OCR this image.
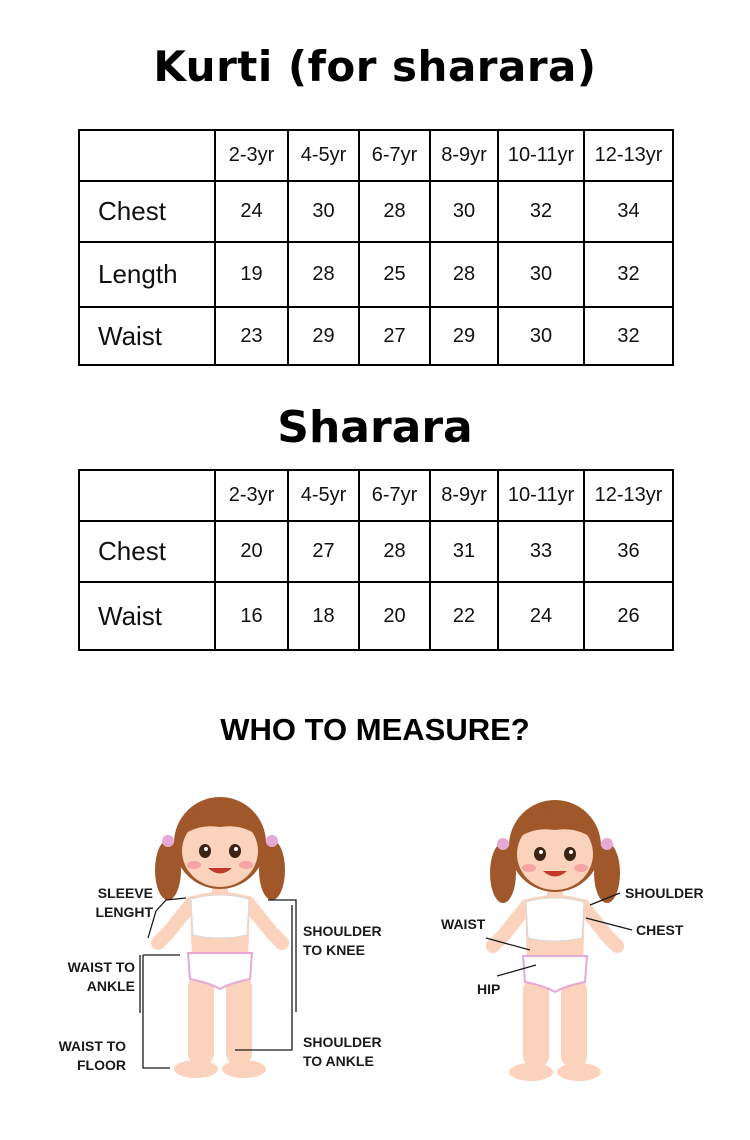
Kurti (for sharara)
	2-3yr	4-5yr	6-7yr	8-9yr	10-11yr	12-13yr
Chest	24	30	28	30	32	34
Length	19	28	25	28	30	32
Waist	23	29	27	29	30	32
Sharara
	2-3yr	4-5yr	6-7yr	8-9yr	10-11yr	12-13yr
Chest	20	27	28	31	33	36
Waist	16	18	20	22	24	26
WHO TO MEASURE?
SLEEVE
LENGHT
WAIST TO
ANKLE
WAIST TO
FLOOR
SHOULDER
TO KNEE
SHOULDER
TO ANKLE
WAIST
HIP
SHOULDER
CHEST
